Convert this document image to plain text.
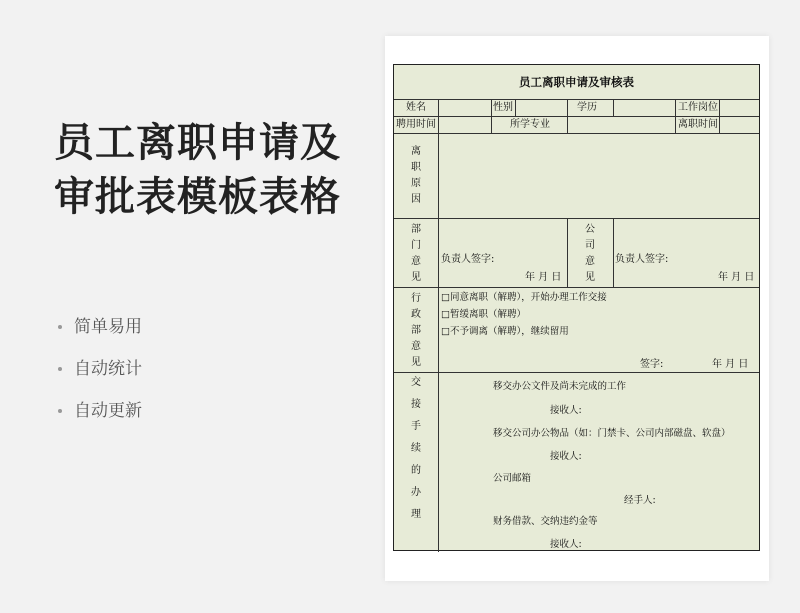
员工离职申请及
审批表模板表格
简单易用
自动统计
自动更新
员工离职申请及审核表
姓名	性别	学历	工作岗位
聘用时间	所学专业	离职时间
离职原因
部门意见
负责人签字:
年 月 日
公司意见
负责人签字:
年 月 日
行政部意见
□同意离职（解聘），开始办理工作交接
□暂缓离职（解聘）
□不予调离（解聘），继续留用
签字:	年 月 日
交接手续的办理
移交办公文件及尚未完成的工作
接收人:
移交公司办公物品（如：门禁卡、公司内部磁盘、软盘）
接收人:
公司邮箱
经手人:
财务借款、交纳违约金等
接收人:
